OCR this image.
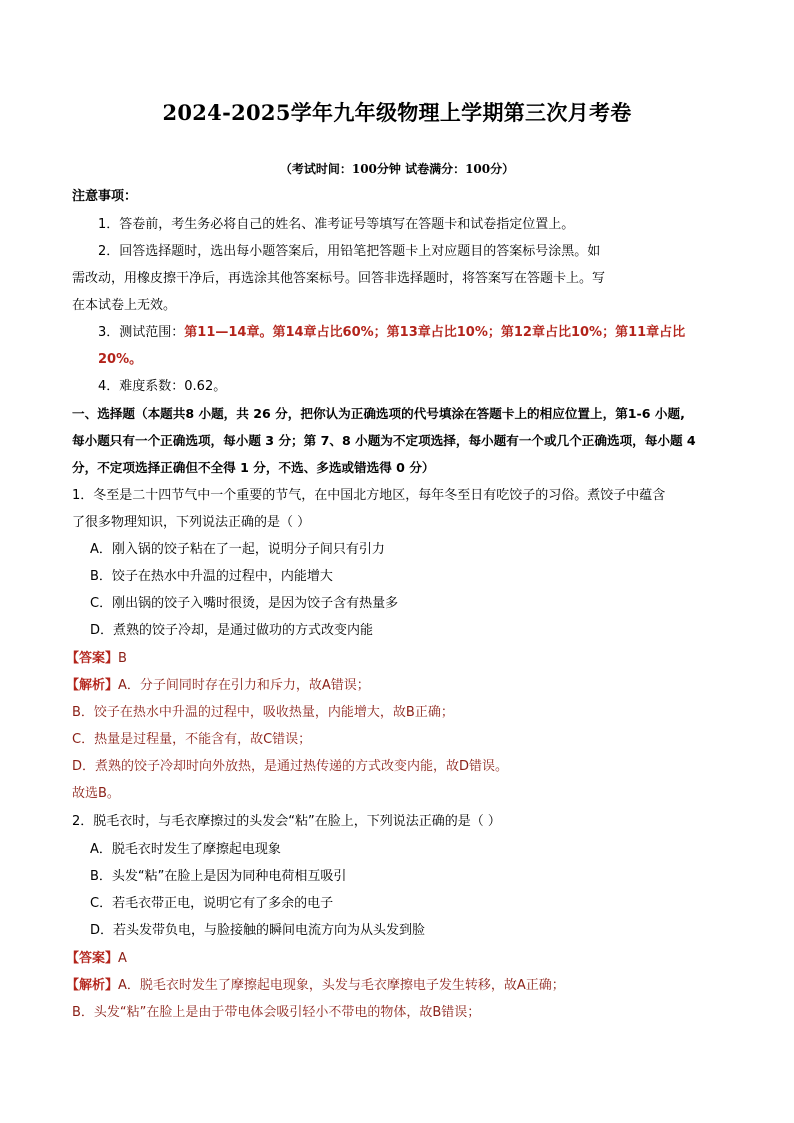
2024-2025学年九年级物理上学期第三次月考卷
（考试时间：100分钟 试卷满分：100分）
注意事项：
1．答卷前，考生务必将自己的姓名、准考证号等填写在答题卡和试卷指定位置上。
2．回答选择题时，选出每小题答案后，用铅笔把答题卡上对应题目的答案标号涂黑。如
需改动，用橡皮擦干净后，再选涂其他答案标号。回答非选择题时，将答案写在答题卡上。写
在本试卷上无效。
3．测试范围：第11—14章。第14章占比60%；第13章占比10%；第12章占比10%；第11章占比
20%。
4．难度系数：0.62。
一、选择题（本题共8 小题，共 26 分，把你认为正确选项的代号填涂在答题卡上的相应位置上，第1-6 小题,
每小题只有一个正确选项，每小题 3 分；第 7、8 小题为不定项选择，每小题有一个或几个正确选项，每小题 4
分，不定项选择正确但不全得 1 分，不选、多选或错选得 0 分）
1．冬至是二十四节气中一个重要的节气，在中国北方地区，每年冬至日有吃饺子的习俗。煮饺子中蕴含
了很多物理知识，下列说法正确的是（ ）
A．刚入锅的饺子粘在了一起，说明分子间只有引力
B．饺子在热水中升温的过程中，内能增大
C．刚出锅的饺子入嘴时很烫，是因为饺子含有热量多
D．煮熟的饺子冷却，是通过做功的方式改变内能
【答案】B
【解析】A．分子间同时存在引力和斥力，故A错误；
B．饺子在热水中升温的过程中，吸收热量，内能增大，故B正确；
C．热量是过程量，不能含有，故C错误；
D．煮熟的饺子冷却时向外放热，是通过热传递的方式改变内能，故D错误。
故选B。
2．脱毛衣时，与毛衣摩擦过的头发会“粘”在脸上，下列说法正确的是（ ）
A．脱毛衣时发生了摩擦起电现象
B．头发“粘”在脸上是因为同种电荷相互吸引
C．若毛衣带正电，说明它有了多余的电子
D．若头发带负电，与脸接触的瞬间电流方向为从头发到脸
【答案】A
【解析】A．脱毛衣时发生了摩擦起电现象，头发与毛衣摩擦电子发生转移，故A正确；
B．头发“粘”在脸上是由于带电体会吸引轻小不带电的物体，故B错误；
